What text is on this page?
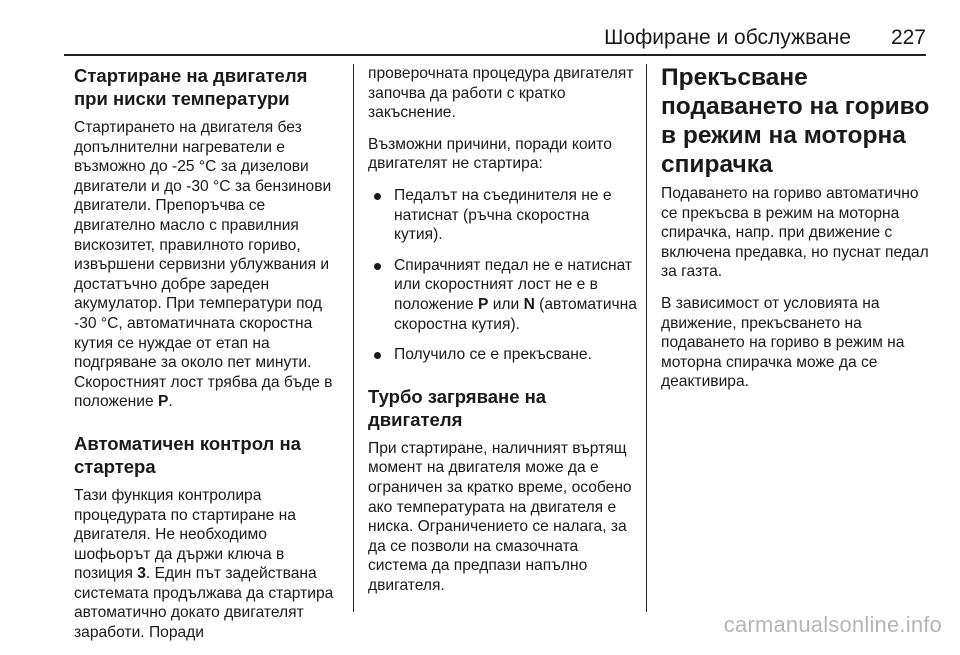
Шофиране и обслужване 227
Стартиране на двигателя при ниски температури

Стартирането на двигателя без допълнителни нагреватели е възможно до -25 °C за дизелови двигатели и до -30 °C за бензинови двигатели. Препоръчва се двигателно масло с правилния вискозитет, правилното гориво, извършени сервизни ублужвания и достатъчно добре зареден акумулатор. При температури под -30 °C, автоматичната скоростна кутия се нуждае от етап на подгряване за около пет минути. Скоростният лост трябва да бъде в положение P.

Автоматичен контрол на стартера

Тази функция контролира процедурата по стартиране на двигателя. Не необходимо шофьорът да държи ключа в позиция 3. Един път задействана системата продължава да стартира автоматично докато двигателят заработи. Поради

проверочната процедура двигателят започва да работи с кратко закъснение.

Възможни причини, поради които двигателят не стартира:

Педалът на съединителя не е натиснат (ръчна скоростна кутия).

Спирачният педал не е натиснат или скоростният лост не е в положение P или N (автоматична скоростна кутия).

Получило се е прекъсване.

Турбо загряване на двигателя

При стартиране, наличният въртящ момент на двигателя може да е ограничен за кратко време, особено ако температурата на двигателя е ниска. Ограничението се налага, за да се позволи на смазочната система да предпази напълно двигателя.

Прекъсване подаването на гориво в режим на моторна спирачка

Подаването на гориво автоматично се прекъсва в режим на моторна спирачка, напр. при движение с включена предавка, но пуснат педал за газта.

В зависимост от условията на движение, прекъсването на подаването на гориво в режим на моторна спирачка може да се деактивира.

carmanualsonline.info
